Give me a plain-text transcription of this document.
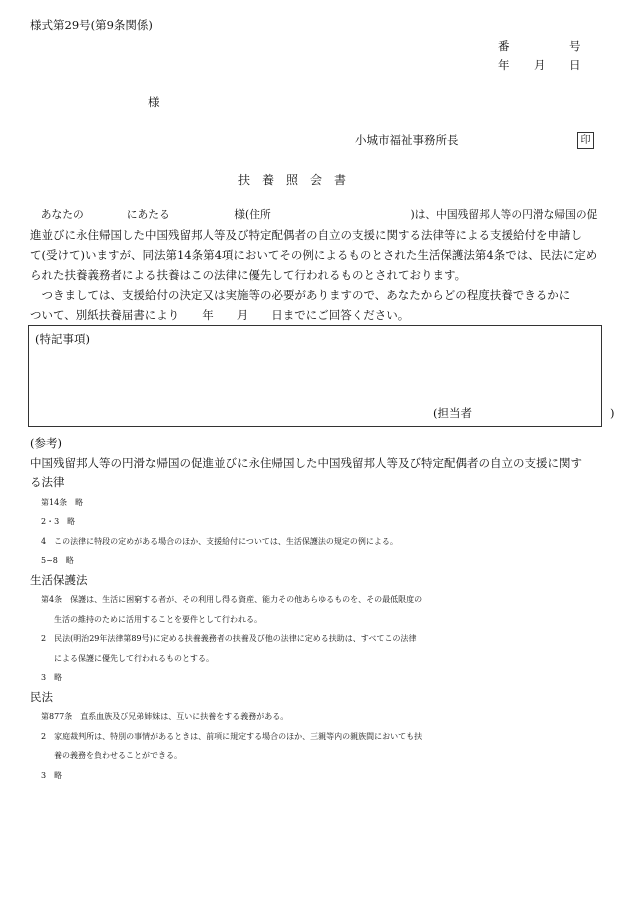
様式第29号(第9条関係)
番	号
年 月 日
様
小城市福祉事務所長	印
扶　養　照　会　書
　あなたの　　　　にあたる　　　　　　様(住所　　　　　　　　　　　　　)は、中国残留邦人等の円滑な帰国の促
進並びに永住帰国した中国残留邦人等及び特定配偶者の自立の支援に関する法律等による支援給付を申請し
て(受けて)いますが、同法第14条第4項においてその例によるものとされた生活保護法第4条では、民法に定め
られた扶養義務者による扶養はこの法律に優先して行われるものとされております。
　つきましては、支援給付の決定又は実施等の必要がありますので、あなたからどの程度扶養できるかに
ついて、別紙扶養届書により　　年　　月　　日までにご回答ください。
(特記事項)
(担当者　　　　　　　　　　　　)
(参考)
中国残留邦人等の円滑な帰国の促進並びに永住帰国した中国残留邦人等及び特定配偶者の自立の支援に関す
る法律
第14条　略
2・3　略
4　この法律に特段の定めがある場合のほか、支援給付については、生活保護法の規定の例による。
5~8　略
生活保護法
第4条　保護は、生活に困窮する者が、その利用し得る資産、能力その他あらゆるものを、その最低限度の
生活の維持のために活用することを要件として行われる。
2　民法(明治29年法律第89号)に定める扶養義務者の扶養及び他の法律に定める扶助は、すべてこの法律
による保護に優先して行われるものとする。
3　略
民法
第877条　直系血族及び兄弟姉妹は、互いに扶養をする義務がある。
2　家庭裁判所は、特別の事情があるときは、前項に規定する場合のほか、三親等内の親族間においても扶
養の義務を負わせることができる。
3　略
